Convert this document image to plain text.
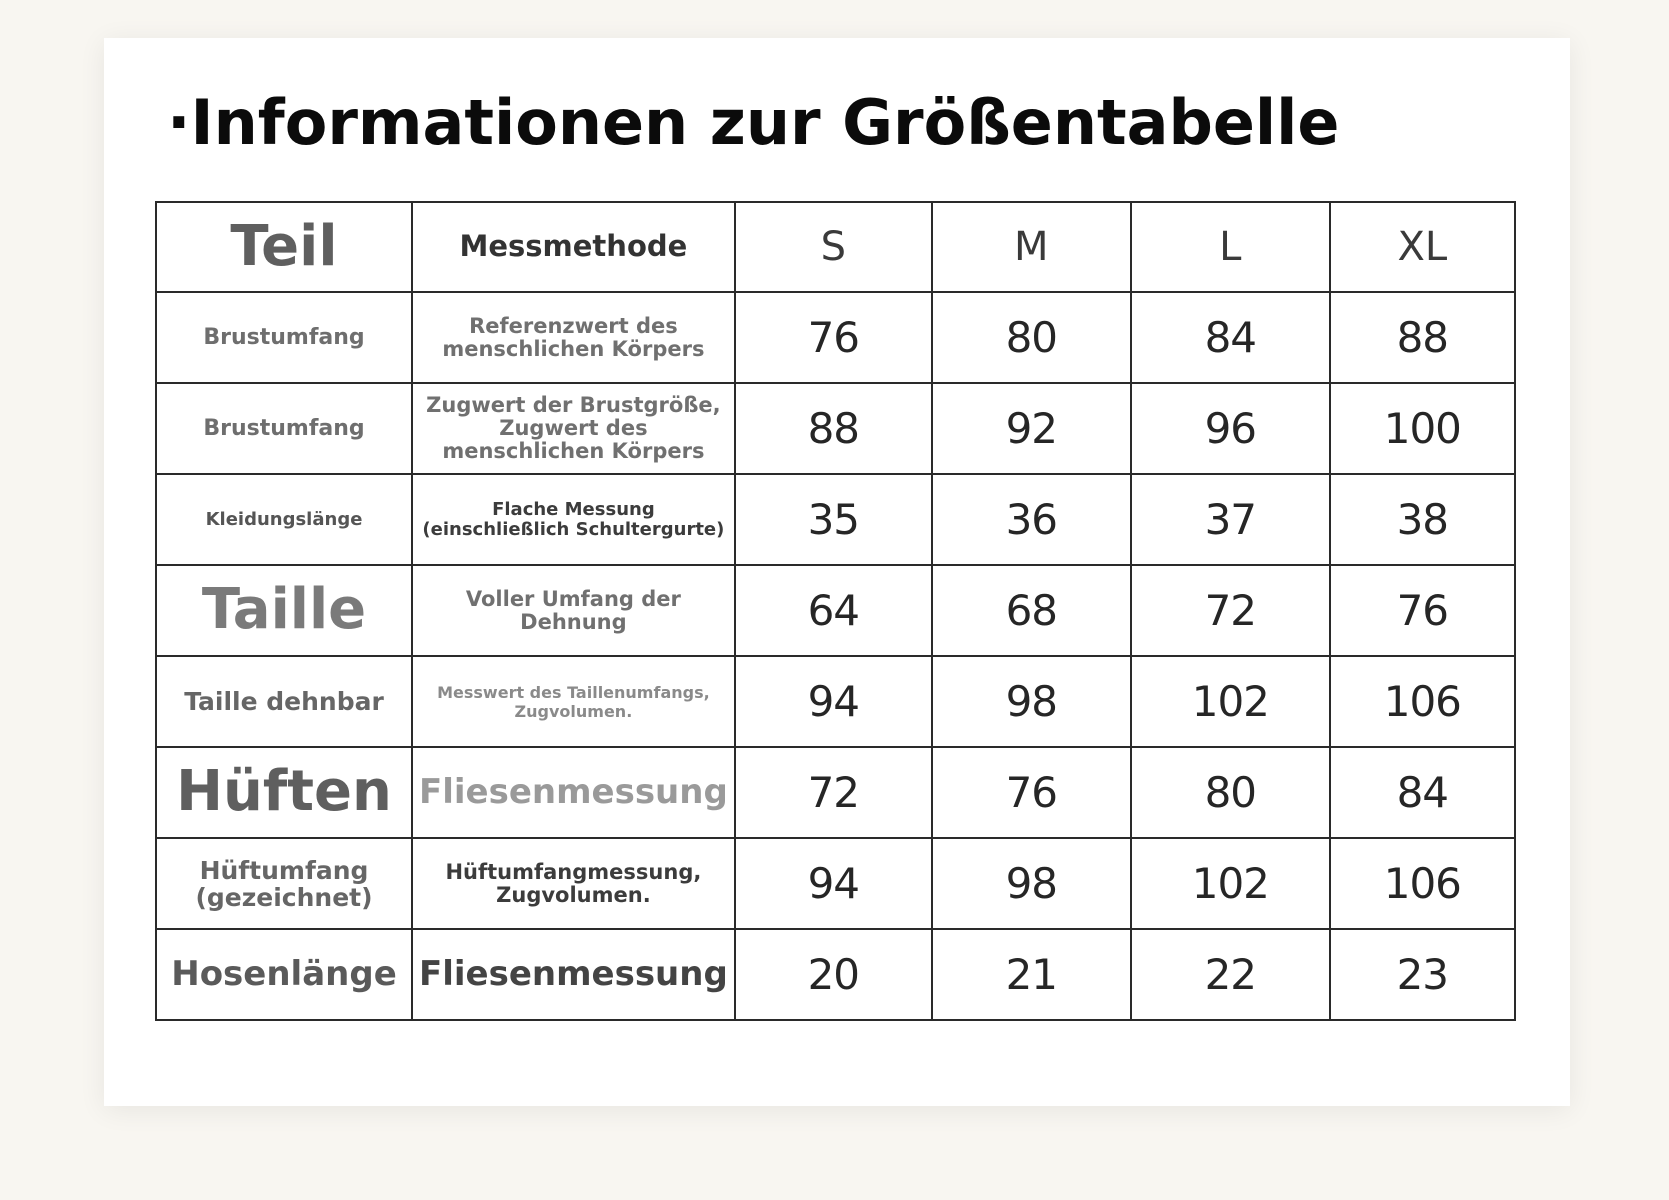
·Informationen zur Größentabelle
Teil	Messmethode	S	M	L	XL
Brustumfang	Referenzwert des menschlichen Körpers	76	80	84	88
Brustumfang	Zugwert der Brustgröße, Zugwert des menschlichen Körpers	88	92	96	100
Kleidungslänge	Flache Messung (einschließlich Schultergurte)	35	36	37	38
Taille	Voller Umfang der Dehnung	64	68	72	76
Taille dehnbar	Messwert des Taillenumfangs, Zugvolumen.	94	98	102	106
Hüften	Fliesenmessung	72	76	80	84
Hüftumfang (gezeichnet)	Hüftumfangmessung, Zugvolumen.	94	98	102	106
Hosenlänge	Fliesenmessung	20	21	22	23
